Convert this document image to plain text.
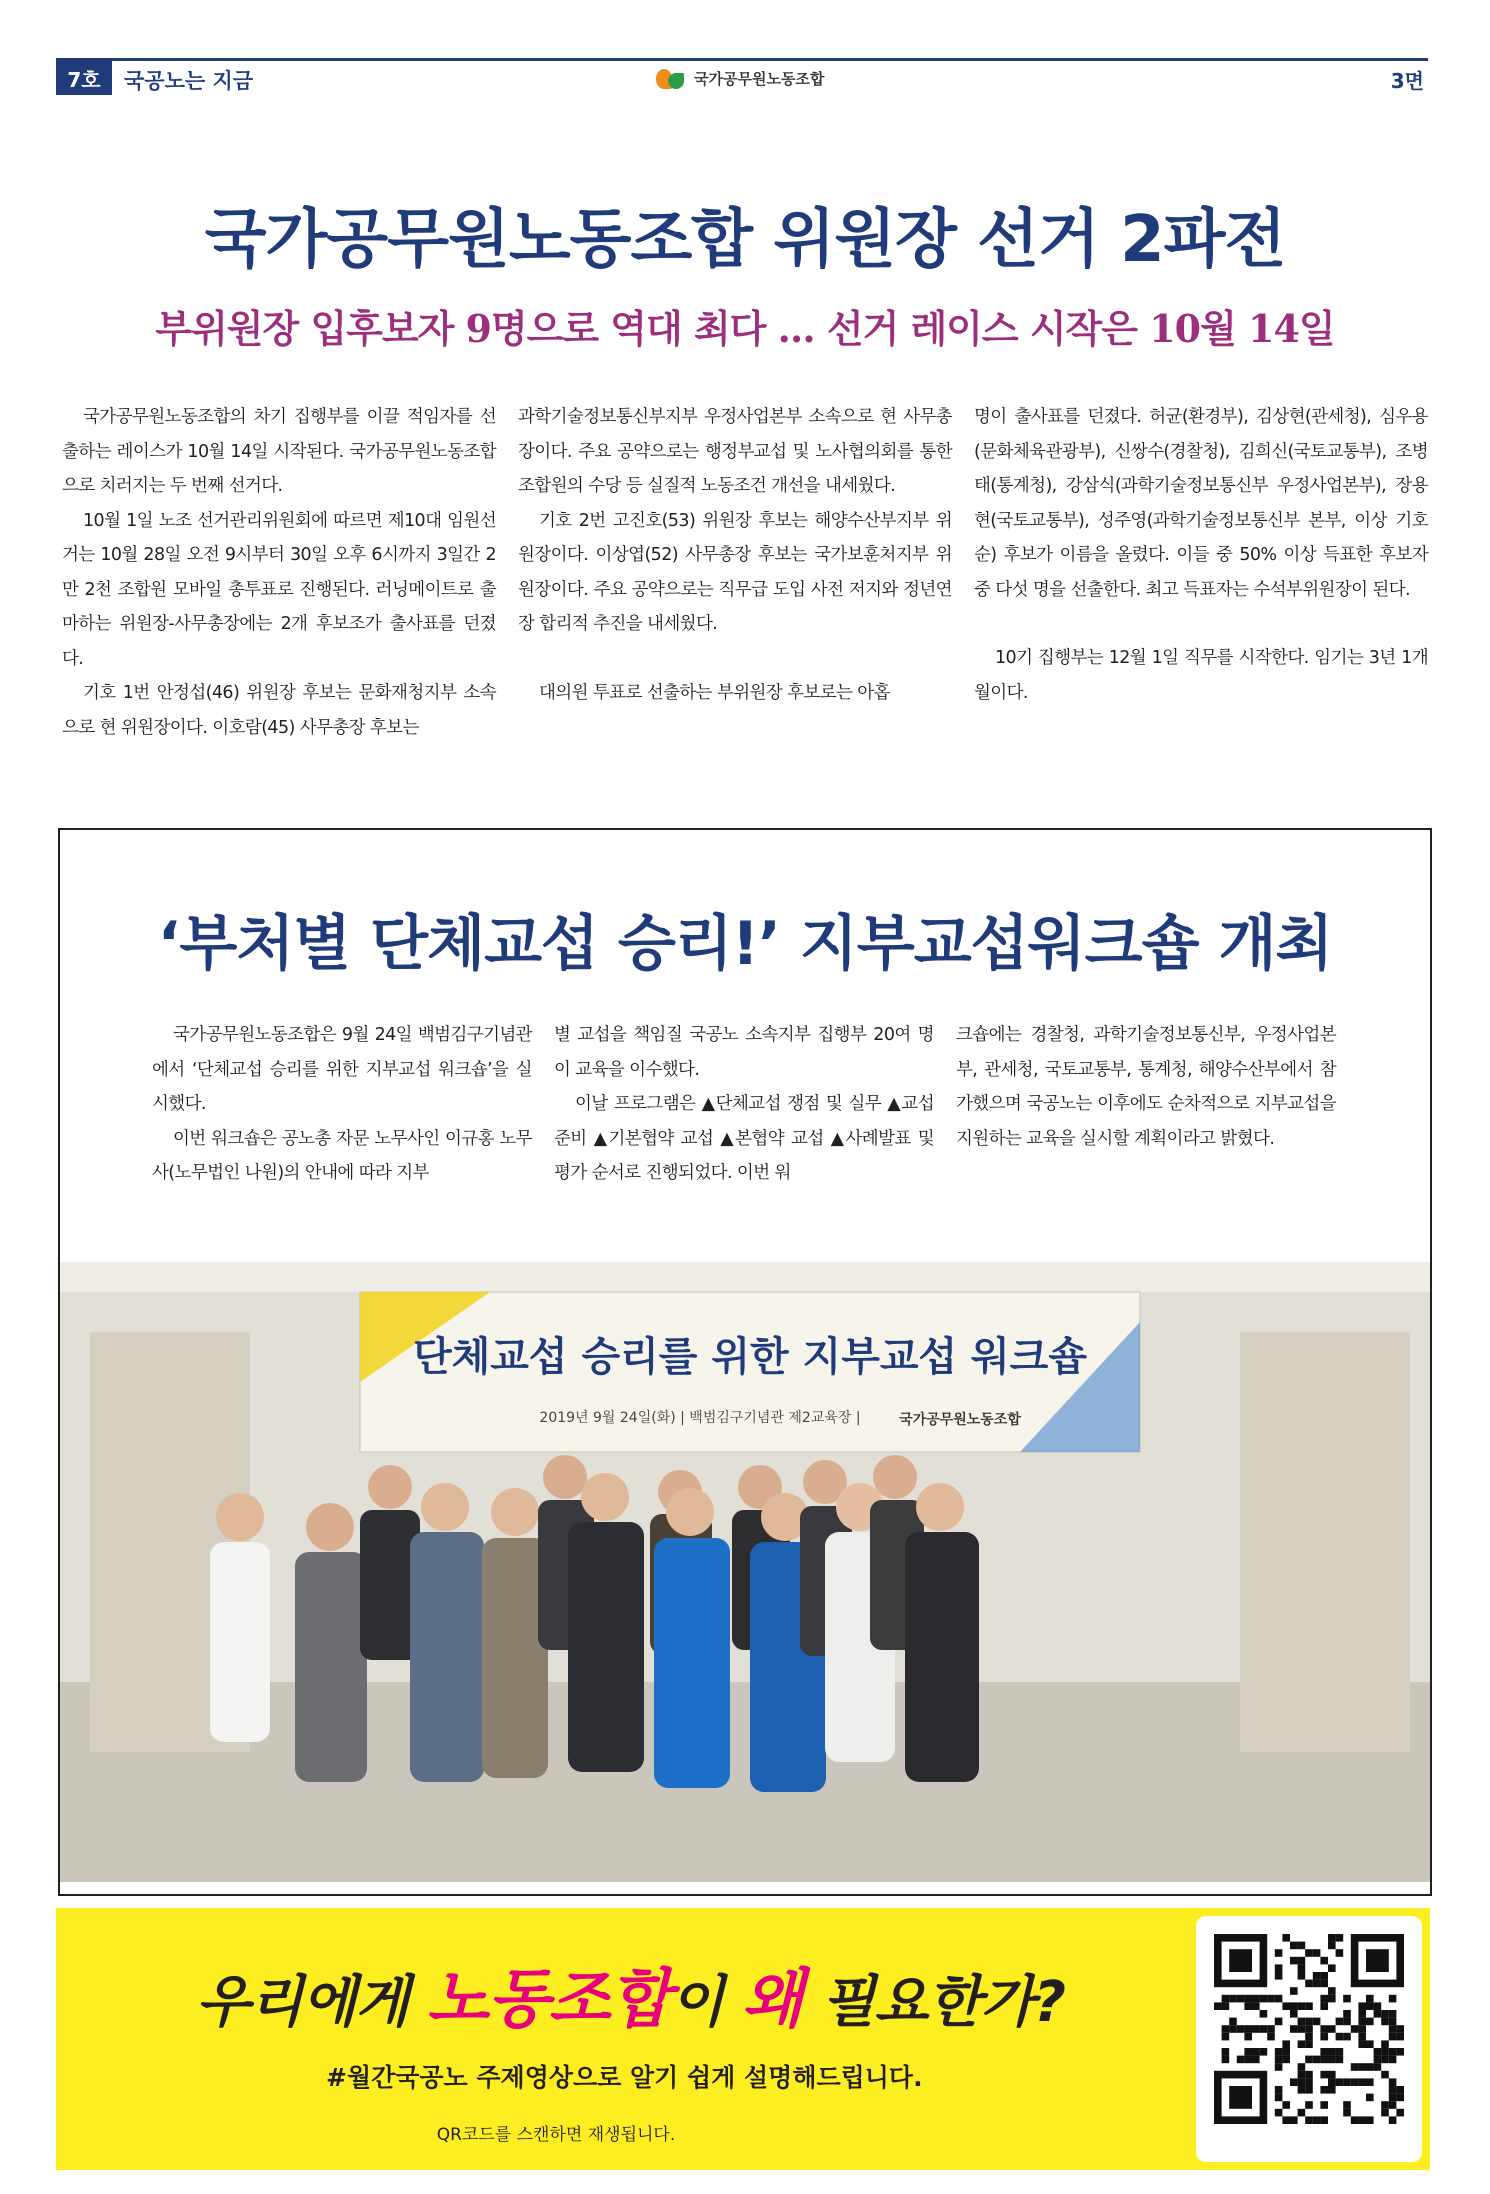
7호	국공노는 지금	국가공무원노동조합	3면
국가공무원노동조합 위원장 선거 2파전
부위원장 입후보자 9명으로 역대 최다 … 선거 레이스 시작은 10월 14일

국가공무원노동조합의 차기 집행부를 이끌 적임자를 선출하는 레이스가 10월 14일 시작된다. 국가공무원노동조합으로 치러지는 두 번째 선거다.

10월 1일 노조 선거관리위원회에 따르면 제10대 임원선거는 10월 28일 오전 9시부터 30일 오후 6시까지 3일간 2만 2천 조합원 모바일 총투표로 진행된다. 러닝메이트로 출마하는 위원장-사무총장에는 2개 후보조가 출사표를 던졌다.

기호 1번 안정섭(46) 위원장 후보는 문화재청지부 소속으로 현 위원장이다. 이호람(45) 사무총장 후보는

과학기술정보통신부지부 우정사업본부 소속으로 현 사무총장이다. 주요 공약으로는 행정부교섭 및 노사협의회를 통한 조합원의 수당 등 실질적 노동조건 개선을 내세웠다.

기호 2번 고진호(53) 위원장 후보는 해양수산부지부 위원장이다. 이상엽(52) 사무총장 후보는 국가보훈처지부 위원장이다. 주요 공약으로는 직무급 도입 사전 저지와 정년연장 합리적 추진을 내세웠다.

대의원 투표로 선출하는 부위원장 후보로는 아홉

명이 출사표를 던졌다. 허균(환경부), 김상현(관세청), 심우용(문화체육관광부), 신쌍수(경찰청), 김희신(국토교통부), 조병태(통계청), 강삼식(과학기술정보통신부 우정사업본부), 장용현(국토교통부), 성주영(과학기술정보통신부 본부, 이상 기호순) 후보가 이름을 올렸다. 이들 중 50% 이상 득표한 후보자 중 다섯 명을 선출한다. 최고 득표자는 수석부위원장이 된다.

10기 집행부는 12월 1일 직무를 시작한다. 임기는 3년 1개월이다.

‘부처별 단체교섭 승리!’ 지부교섭워크숍 개최

국가공무원노동조합은 9월 24일 백범김구기념관에서 ‘단체교섭 승리를 위한 지부교섭 워크숍’을 실시했다.

이번 워크숍은 공노총 자문 노무사인 이규홍 노무사(노무법인 나원)의 안내에 따라 지부

별 교섭을 책임질 국공노 소속지부 집행부 20여 명이 교육을 이수했다.

이날 프로그램은 ▲단체교섭 쟁점 및 실무 ▲교섭준비 ▲기본협약 교섭 ▲본협약 교섭 ▲사례발표 및 평가 순서로 진행되었다. 이번 워

크숍에는 경찰청, 과학기술정보통신부, 우정사업본부, 관세청, 국토교통부, 통계청, 해양수산부에서 참가했으며 국공노는 이후에도 순차적으로 지부교섭을 지원하는 교육을 실시할 계획이라고 밝혔다.

단체교섭 승리를 위한 지부교섭 워크숍
2019년 9월 24일(화) | 백범김구기념관 제2교육장 |	국가공무원노동조합
우리에게 노동조합이 왜 필요한가?
#월간국공노 주제영상으로 알기 쉽게 설명해드립니다.
QR코드를 스캔하면 재생됩니다.
